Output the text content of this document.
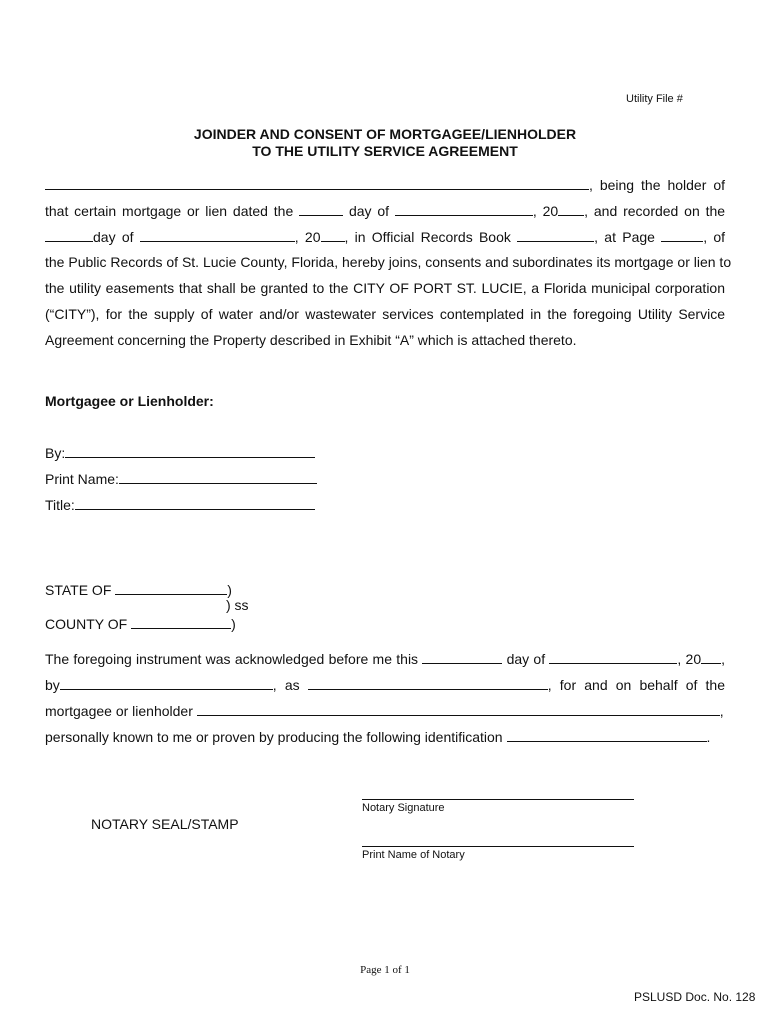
Utility File #
JOINDER AND CONSENT OF MORTGAGEE/LIENHOLDER
TO THE UTILITY SERVICE AGREEMENT
, being the holder of
that certain mortgage or lien dated the	day of	, 20 , and recorded on the
day of	, 20 , in Official Records Book	, at Page	, of
the Public Records of St. Lucie County, Florida, hereby joins, consents and subordinates its mortgage or lien to
the utility easements that shall be granted to the CITY OF PORT ST. LUCIE, a Florida municipal corporation
(“CITY”), for the supply of water and/or wastewater services contemplated in the foregoing Utility Service
Agreement concerning the Property described in Exhibit “A” which is attached thereto.
Mortgagee or Lienholder:
By:
Print Name:
Title:
STATE OF	)
) ss
COUNTY OF	)
The foregoing instrument was acknowledged before me this	day of	, 20 ,
by	, as	, for and on behalf of the
mortgagee or lienholder	,
personally known to me or proven by producing the following identification	.
Notary Signature
NOTARY SEAL/STAMP
Print Name of Notary
Page 1 of 1
PSLUSD Doc. No. 128
